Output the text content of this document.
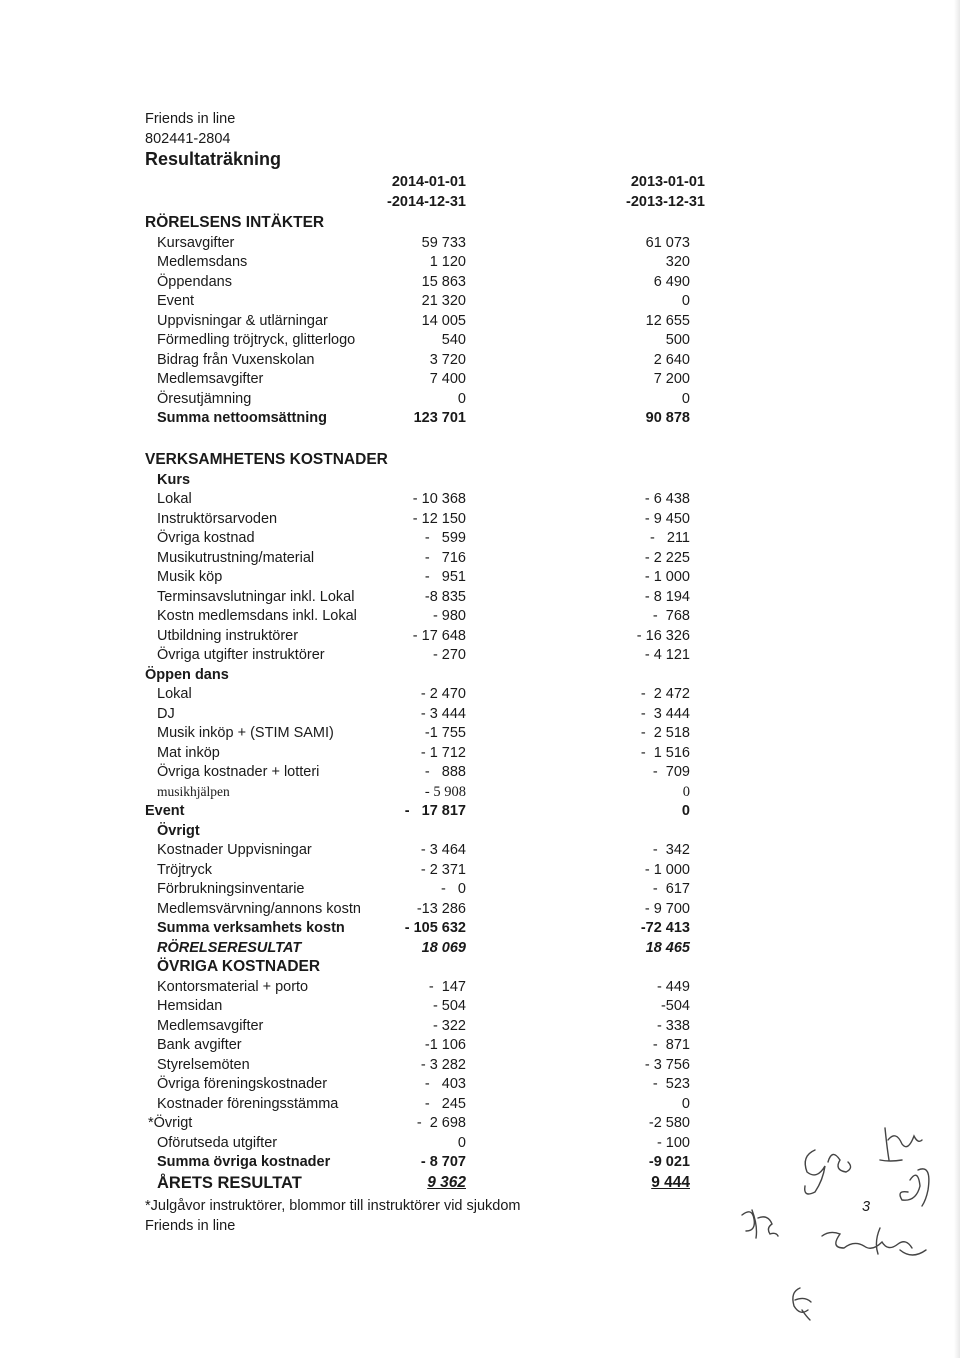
Friends in line
802441-2804
Resultaträkning
2014-01-01
-2014-12-31
2013-01-01
-2013-12-31
RÖRELSENS INTÄKTER
Kursavgifter	59 733	61 073
Medlemsdans	1 120	320
Öppendans	15 863	6 490
Event	21 320	0
Uppvisningar & utlärningar	14 005	12 655
Förmedling tröjtryck, glitterlogo	540	500
Bidrag från Vuxenskolan	3 720	2 640
Medlemsavgifter	7 400	7 200
Öresutjämning	0	0
Summa nettoomsättning	123 701	90 878
VERKSAMHETENS KOSTNADER
Kurs
Lokal	- 10 368	- 6 438
Instruktörsarvoden	- 12 150	- 9 450
Övriga kostnad	-   599	-   211
Musikutrustning/material	-   716	- 2 225
Musik köp	-   951	- 1 000
Terminsavslutningar inkl. Lokal	-8 835	- 8 194
Kostn medlemsdans inkl. Lokal	- 980	-  768
Utbildning instruktörer	- 17 648	- 16 326
Övriga utgifter instruktörer	- 270	- 4 121
Öppen dans
Lokal	- 2 470	-  2 472
DJ	- 3 444	-  3 444
Musik inköp + (STIM SAMI)	-1 755	-  2 518
Mat inköp	- 1 712	-  1 516
Övriga kostnader + lotteri	-   888	-  709
musikhjälpen	- 5 908	0
Event	-   17 817	0
Övrigt
Kostnader Uppvisningar	- 3 464	-  342
Tröjtryck	- 2 371	- 1 000
Förbrukningsinventarie	-   0	-  617
Medlemsvärvning/annons kostn	-13 286	- 9 700
Summa verksamhets kostn	- 105 632	-72 413
RÖRELSERESULTAT	18 069	18 465
ÖVRIGA KOSTNADER
Kontorsmaterial + porto	-  147	- 449
Hemsidan	- 504	-504
Medlemsavgifter	- 322	- 338
Bank avgifter	-1 106	-  871
Styrelsemöten	- 3 282	- 3 756
Övriga föreningskostnader	-   403	-  523
Kostnader föreningsstämma	-   245	0
*Övrigt	-  2 698	-2 580
Oförutseda utgifter	0	- 100
Summa övriga kostnader	- 8 707	-9 021
ÅRETS RESULTAT	9 362	9 444
*Julgåvor instruktörer, blommor till instruktörer vid sjukdom
Friends in line
3
